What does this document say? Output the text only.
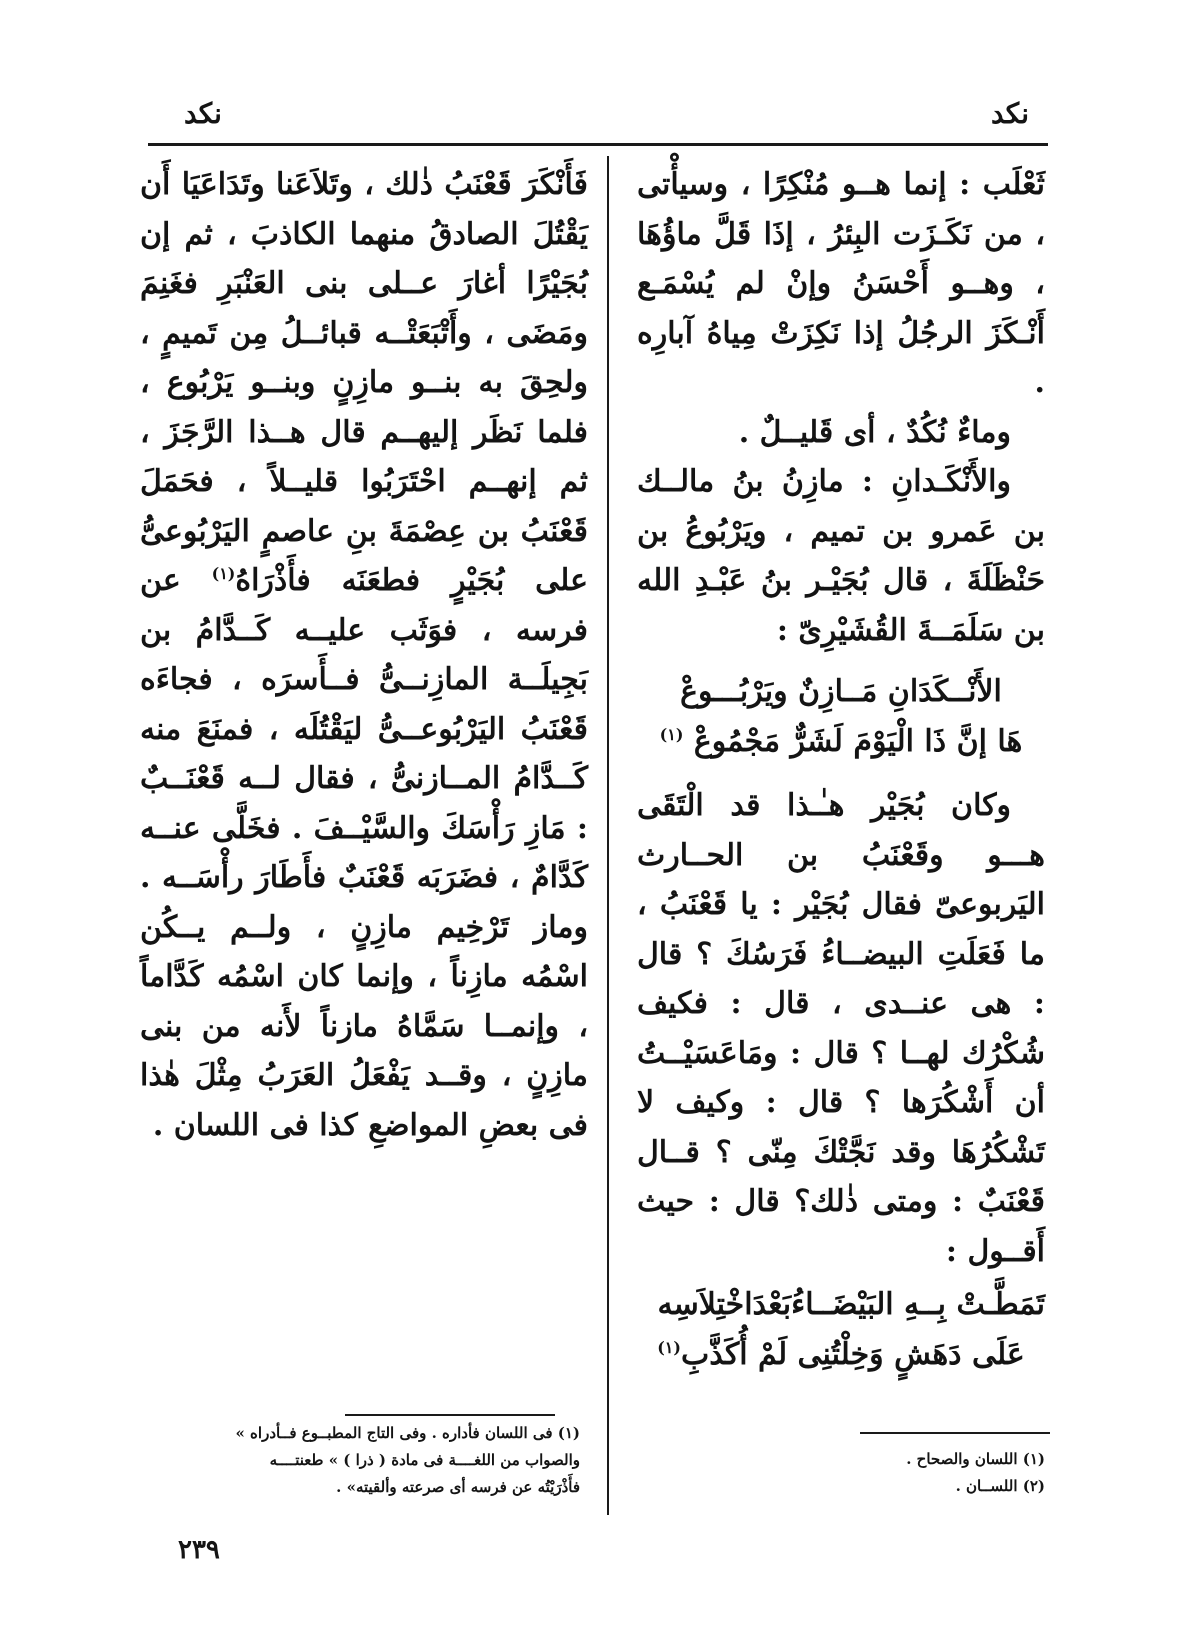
نكد	نكد

ثَعْلَب : إنما هــو مُنْكِرًا ، وسيأْتى ، من نَكَـزَت البِئرُ ، إذَا قَلَّ ماؤُهَا ، وهــو أَحْسَنُ وإنْ لم يُسْمَـع أَنْـكَزَ الرجُلُ إذا نَكِزَتْ مِياهُ آبارِه .

وماءٌ نُكُدٌ ، أى قَليــلٌ .

والأَنْكَـدانِ : مازِنُ بنُ مالــك بن عَمرو بن تميم ، ويَرْبُوعُ بن حَنْظَلَةَ ، قال بُجَيْـر بنُ عَبْـدِ الله بن سَلَمَــةَ القُشَيْرِىّ :

الأَنْــكَدَانِ مَــازِنٌ ويَرْبُـــوعْ
هَا إنَّ ذَا الْيَوْمَ لَشَرٌّ مَجْمُوعْ $^{(١)}$

وكان بُجَيْر هـٰـذا قد الْتَقَى هـــو وقَعْنَبُ بن الحــارث اليَربوعىّ فقال بُجَيْر : يا قَعْنَبُ ، ما فَعَلَتِ البيضــاءُ فَرَسُكَ ؟ قال : هى عنــدى ، قال : فكيف شُكْرُك لهــا ؟ قال : ومَاعَسَيْــتُ أن أَشْكُرَها ؟ قال : وكيف لا تَشْكُرُهَا وقد نَجَّتْكَ مِنّى ؟ قــال قَعْنَبٌ : ومتى ذٰلك؟ قال : حيث أَقــول :

تَمَطَّـتْ بِــهِ البَيْضَــاءُبَعْدَاخْتِلاَسِه
عَلَى دَهَشٍ وَخِلْتُنِى لَمْ أُكَذَّبِ$^{(١)}$

فَأَنْكَرَ قَعْنَبُ ذٰلك ، وتَلاَعَنا وتَدَاعَيَا أَن يَقْتُلَ الصادقُ منهما الكاذبَ ، ثم إن بُجَيْرًا أغارَ عــلى بنى العَنْبَرِ فغَنِمَ ومَضَى ، وأَتْبَعَتْــه قبائــلُ مِن تَميمٍ ، ولحِقَ به بنــو مازِنٍ وبنــو يَرْبُوع ، فلما نَظَر إليهــم قال هــذا الرَّجَزَ ، ثم إنهــم احْتَرَبُوا قليــلاً ، فحَمَلَ قَعْنَبُ بن عِصْمَةَ بنِ عاصمٍ اليَرْبُوعىُّ على بُجَيْرٍ فطعَنَه فأَذْرَاهُ$^{(١)}$ عن فرسه ، فوَثَب عليــه كَــدَّامُ بن بَجِيلَــة المازِنــىُّ فــأَسرَه ، فجاءَه قَعْنَبُ اليَرْبُوعــىُّ ليَقْتُلَه ، فمنَعَ منه كَــدَّامُ المــازنىُّ ، فقال لــه قَعْنَــبٌ : مَازِ رَأْسَكَ والسَّيْــفَ . فخَلَّى عنــه كَدَّامٌ ، فضَرَبَه قَعْنَبٌ فأَطَارَ رأْسَــه . وماز تَرْخِيم مازِنٍ ، ولــم يــكُن اسْمُه مازِناً ، وإنما كان اسْمُه كَدَّاماً ، وإنمــا سَمَّاهُ مازناً لأَنه من بنى مازِنٍ ، وقــد يَفْعَلُ العَرَبُ مِثْلَ هٰذا فى بعضِ المواضعِ كذا فى اللسان .

(١) فى اللسان فأداره . وفى التاج المطبــوع فــأدراه »

والصواب من اللغــــة فى مادة ( ذرا ) » طعنتــــه

فأَذْرَيْتُه عن فرسه أى صرعته وألقيته» .

(١) اللسان والصحاح .

(٢) اللســان .

٢٣٩
